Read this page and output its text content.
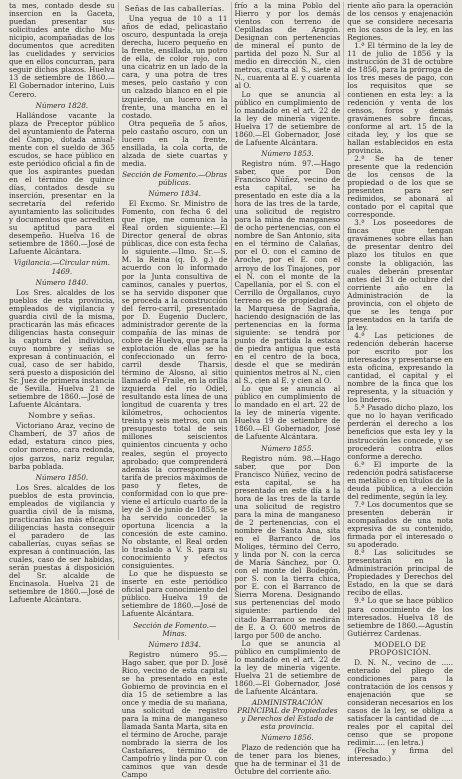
ta mes, contado desde su insercion en la Gaceta, puedan presentar sus solicitudes ante dicho Municipio, acompañadas de los documentos que acrediten las cuelidades y servicios que en ellos concurran, para seguir dichos plazos. Huelva 13 de setiembre de 1860.—El Gobernador interino, Luis Cerero.

Número 1828.

Hallándose vacante la plaza de Preceptor público del ayuntamiento de Paterna del Campo, dotada anualmente con el sueldo de 365 escudos, se hace público en este periódico oficial a fin de que los aspirantes puedan en el término de quince días, contados desde su inserción, presentar en la secretaría del referido ayuntamiento las solicitudes y documentos que acrediten su aptitud para el desempeño. Huelva 16 de setiembre de 1860.—José de Lafuente Alcántara.

Vigilancia.—Circular núm. 1469.

Número 1840.

Los Sres. alcaldes de los pueblos de esta provincia, empleados de vigilancia y guardia civil de la misma, practicarán las más eficaces diligencias hasta conseguir la captura del individuo, cuyo nombre y señas se expresan á continuación, el cual, caso de ser habido, será puesto a disposición del Sr. Juez de primera instancia de Sevilla. Huelva 21 de setiembre de 1860.—José de Lafuente Alcántara.

Nombre y señas.

Victoriano Araz, vecino de Chamberí, de 37 años de edad, estatura cinco pies, color moreno, cara redonda, ojos garzos, nariz regular, barba poblada.

Número 1850.

Los Sres. alcaldes de los pueblos de esta provincia, empleados de vigilancia y guardia civil de la misma, practicarán las más eficaces diligencias hasta conseguir el paradero de las caballerías, cuyas señas se expresan á continuación, las cuales, caso de ser habidas, serán puestas á disposición del Sr. alcalde de Encinasola. Huelva 21 de setiembre de 1860.—José de Lafuente Alcántara.

Señas de las caballerías.

Una yegua de 10 a 11 años de edad, pelicastaño oscuro, despuntada la oreja derecha, lucero pequeño en la frente, ensillada, un potro de ella, de color rojo, con una cicatriz en un lado de la cara, y una potra de tres meses, pelo castaño y con un calzado blanco en el pie izquierdo, un lucero en la frente, una mancha en el costado.

Otra pequeña de 5 años, pelo castaño oscuro, con un lucero en la frente, ensillada, la cola corta, de alzada de siete cuartas y media.

Sección de Fomento.—Obras públicas.

Número 1834.

El Excmo. Sr. Ministro de Fomento, con fecha 6 del que rige, me comunica la Real orden siguiente:—El Director general de obras públicas, dice con esta fecha lo siguiente.—Ilmo. Sr.—S. M. la Reina (q. D. g.) de acuerdo con lo informado por la Junta consultiva de caminos, canales y puertos, se ha servido disponer que se proceda a la construcción del ferro-carril, presentado por D. Eugenio Duclerc, administrador gerente de la compañía de las minas de cobre de Huelva, que para la explotación de ellas se ha confeccionado un ferro-carril desde Tharsis, término de Alosno, al sitio llamado el Fraile, en la orilla izquierda del río Odiel, resultando esta línea de una longitud de cuarenta y tres kilómetros, ochocientos treinta y seis metros, con un presupuesto total de seis millones seiscientos quinientos cincuenta y ocho reales, según el proyecto aprobado; que comprenderá además la correspondiente tarifa de precios máximos de paso y fletes, de conformidad con lo que previene el artículo cuarto de la ley de 3 de junio de 1855, se ha servido conceder la oportuna licencia a la concesión de este camino. No obstante, el Real orden lo traslado a V. S. para su conocimiento y efectos consiguientes.

Lo que he dispuesto se inserte en este periódico oficial para conocimiento del público. Huelva 19 de setiembre de 1860.—José de Lafuente Alcántara.

Sección de Fomento.—Minas.

Número 1834.

Registro número 95.—Hago saber, que por D. José Rico, vecino de esta capital, se ha presentado en este Gobierno de provincia en el día 15 de setiembre a las once y media de su mañana, una solicitud de registro para la mina de manganeso llamada Santa Marta, sita en el término de Aroche, paraje nombrado la sierra de los Castañares, término de Campofrío y linda por O. con caminos que van desde Campo

frío a la mina Poblo del Hierro y por los demás vientos con terreno de Cepilladas de Aragón. Designan con pertenencias de mineral el punto de partida del pozo N. Sur al medio en dirección N., cien metros, cuarta al S., siete al N., cuarenta al E. y cuarenta al O.

Lo que se anuncia al público en cumplimiento de lo mandado en el art. 22 de la ley de minería vigente. Huelva 17 de setiembre de 1860.—El Gobernador, José de Lafuente Alcántara.

Número 1853.

Registro núm. 97.—Hago saber, que por Don Francisco Núñez, vecino de esta capital, se ha presentado en este día a la hora de las tres de la tarde, una solicitud de registro para la mina de manganeso de ocho pertenencias, con el nombre de San Antonio, sita en el término de Calañas, por el O. con el camino de Aroche, por el E. con el arroyo de los Tinajones, por el N. con el monte de la Capellanía, por el S. con el Cerrillo de Orgallanos, cuyo terreno es de propiedad de la Marquesa de Sagraña, haciendo designación de las pertenencias en la forma siguiente: se tendrá por punto de partida la estaca de piedra antigua que está en el centro de la boca, desde el que se medirán quinientos metros al N., cien al S., cien al E. y cien al O.

Lo que se anuncia al público en cumplimiento de lo mandado en el art. 22 de la ley de minería vigente. Huelva 19 de setiembre de 1860.—El Gobernador, José de Lafuente Alcántara.

Número 1855.

Registro núm. 98.—Hago saber, que por Don Francisco Núñez, vecino de esta capital, se ha presentado en este día a la hora de las tres de la tarde una solicitud de registro para la mina de manganeso de 2 pertenencias, con el nombre de Santa Ana, sita en el Barranco de los Moliges, término del Cerro, y linda por N. con la cerca de María Sánchez, por O. con el monte del Bodegón, por S. con la tierra chica, por E. con el Barranco de Sierra Morena. Designando sus pertenencias del modo siguiente: partiendo del citado Barranco se medirán de E. a O. 600 metros de largo por 500 de ancho.

Lo que se anuncia al público en cumplimiento de lo mandado en el art. 22 de la ley de minería vigente. Huelva 21 de setiembre de 1860.—El Gobernador, José de Lafuente Alcántara.

ADMINISTRACIÓN PRINCIPAL de Propiedades y Derechos del Estado de esta provincia.

Número 1856.

Plazo de redención que ha de tener para los bienes, que ha de terminar el 31 de Octubre del corriente año.

riente año para la operación de los censos y enajenación que se considere necesaria en los casos de la ley, en las Regiones.

1.ª El término de la ley de 11 de julio de 1856 y la instrucción de 31 de octubre de 1856, para la prórroga de los tres meses de pago, con los requisitos que se contienen en esta ley: a la redención y venta de los censos, foros y demás gravámenes sobre fincas, conforme al art. 15 de la citada ley, y los que se hallan establecidos en esta provincia.

2.ª Se ha de tener presente que la redención de los censos de la propiedad o de los que se presenten para ser redimidos, se abonará al contado por el capital que corresponde.

3.ª Los poseedores de fincas que tengan gravámenes sobre ellas han de presentar dentro del plazo los títulos en que conste la obligación, las cuales deberán presentar antes del 31 de octubre del corriente año en la Administración de la provincia, con el objeto de que se les tenga por presentados en la tarifa de la ley.

4.ª Las peticiones de redención deberán hacerse por escrito por los interesados y presentarse en esta oficina, expresando la cantidad, el capital y el nombre de la finca que los representa, y la situación y los linderos.

5.ª Pasado dicho plazo, los que no lo hayan verificado perderán el derecho a los beneficios que esta ley y la instrucción les concede, y se procederá contra ellos conforme a derecho.

6.ª El importe de la redención podrá satisfacerse en metálico o en títulos de la deuda pública, a elección del redimente, según la ley.

7.ª Los documentos que se presenten deberán ir acompañados de una nota expresiva de su contenido, firmada por el interesado o su apoderado.

8.ª Las solicitudes se presentarán en la Administración principal de Propiedades y Derechos del Estado, en la que se dará recibo de ellas.

9.ª Lo que se hace público para conocimiento de los interesados. Huelva 18 de setiembre de 1860.—Agustín Gutiérrez Cardenas.

MODELO DE PROPOSICIÓN.

D. N. N., vecino de ..... enterado del pliego de condiciones para la contratación de los censos y enajenación que se consideran necesarios en los casos de la ley, se obliga a satisfacer la cantidad de ..... reales por el capital del censo que se propone redimir..... (en letra.)

(Fecha y firma del interesado.)
